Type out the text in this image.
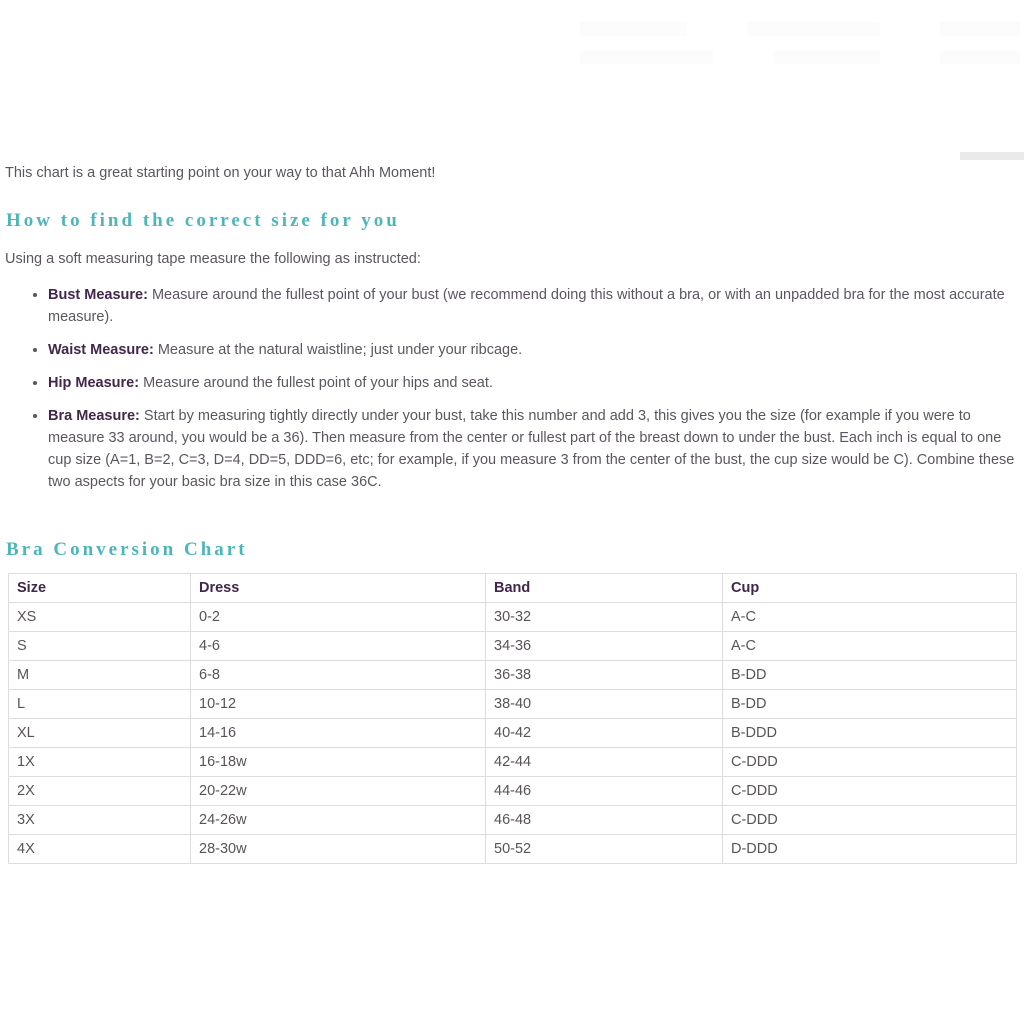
This chart is a great starting point on your way to that Ahh Moment!

How to find the correct size for you

Using a soft measuring tape measure the following as instructed:

Bust Measure: Measure around the fullest point of your bust (we recommend doing this without a bra, or with an unpadded bra for the most accurate measure).
Waist Measure: Measure at the natural waistline; just under your ribcage.
Hip Measure: Measure around the fullest point of your hips and seat.
Bra Measure: Start by measuring tightly directly under your bust, take this number and add 3, this gives you the size (for example if you were to measure 33 around, you would be a 36). Then measure from the center or fullest part of the breast down to under the bust. Each inch is equal to one cup size (A=1, B=2, C=3, D=4, DD=5, DDD=6, etc; for example, if you measure 3 from the center of the bust, the cup size would be C). Combine these two aspects for your basic bra size in this case 36C.
Bra Conversion Chart
Size	Dress	Band	Cup
XS	0-2	30-32	A-C
S	4-6	34-36	A-C
M	6-8	36-38	B-DD
L	10-12	38-40	B-DD
XL	14-16	40-42	B-DDD
1X	16-18w	42-44	C-DDD
2X	20-22w	44-46	C-DDD
3X	24-26w	46-48	C-DDD
4X	28-30w	50-52	D-DDD
